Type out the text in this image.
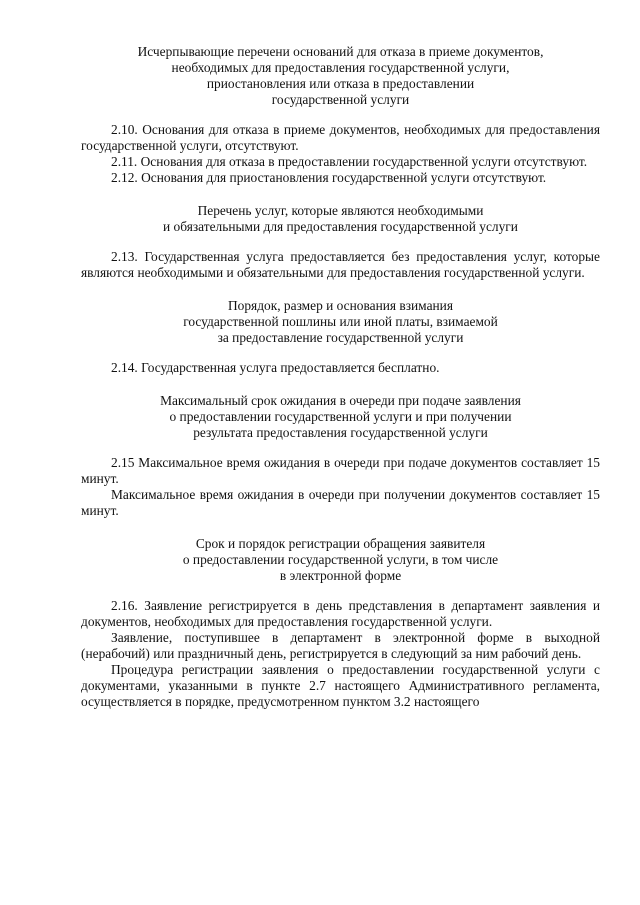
Исчерпывающие перечени оснований для отказа в приеме документов,
необходимых для предоставления государственной услуги,
приостановления или отказа в предоставлении
государственной услуги

2.10. Основания для отказа в приеме документов, необходимых для предоставления государственной услуги, отсутствуют.

2.11. Основания для отказа в предоставлении государственной услуги отсутствуют.

2.12. Основания для приостановления государственной услуги отсутствуют.

Перечень услуг, которые являются необходимыми
и обязательными для предоставления государственной услуги

2.13. Государственная услуга предоставляется без предоставления услуг, которые являются необходимыми и обязательными для предоставления государственной услуги.

Порядок, размер и основания взимания
государственной пошлины или иной платы, взимаемой
за предоставление государственной услуги

2.14. Государственная услуга предоставляется бесплатно.

Максимальный срок ожидания в очереди при подаче заявления
о предоставлении государственной услуги и при получении
результата предоставления государственной услуги

2.15 Максимальное время ожидания в очереди при подаче документов составляет 15 минут.

Максимальное время ожидания в очереди при получении документов составляет 15 минут.

Срок и порядок регистрации обращения заявителя
о предоставлении государственной услуги, в том числе
в электронной форме

2.16. Заявление регистрируется в день представления в департамент заявления и документов, необходимых для предоставления государственной услуги.

Заявление, поступившее в департамент в электронной форме в выходной (нерабочий) или праздничный день, регистрируется в следующий за ним рабочий день.

Процедура регистрации заявления о предоставлении государственной услуги с документами, указанными в пункте 2.7 настоящего Административного регламента, осуществляется в порядке, предусмотренном пунктом 3.2 настоящего
